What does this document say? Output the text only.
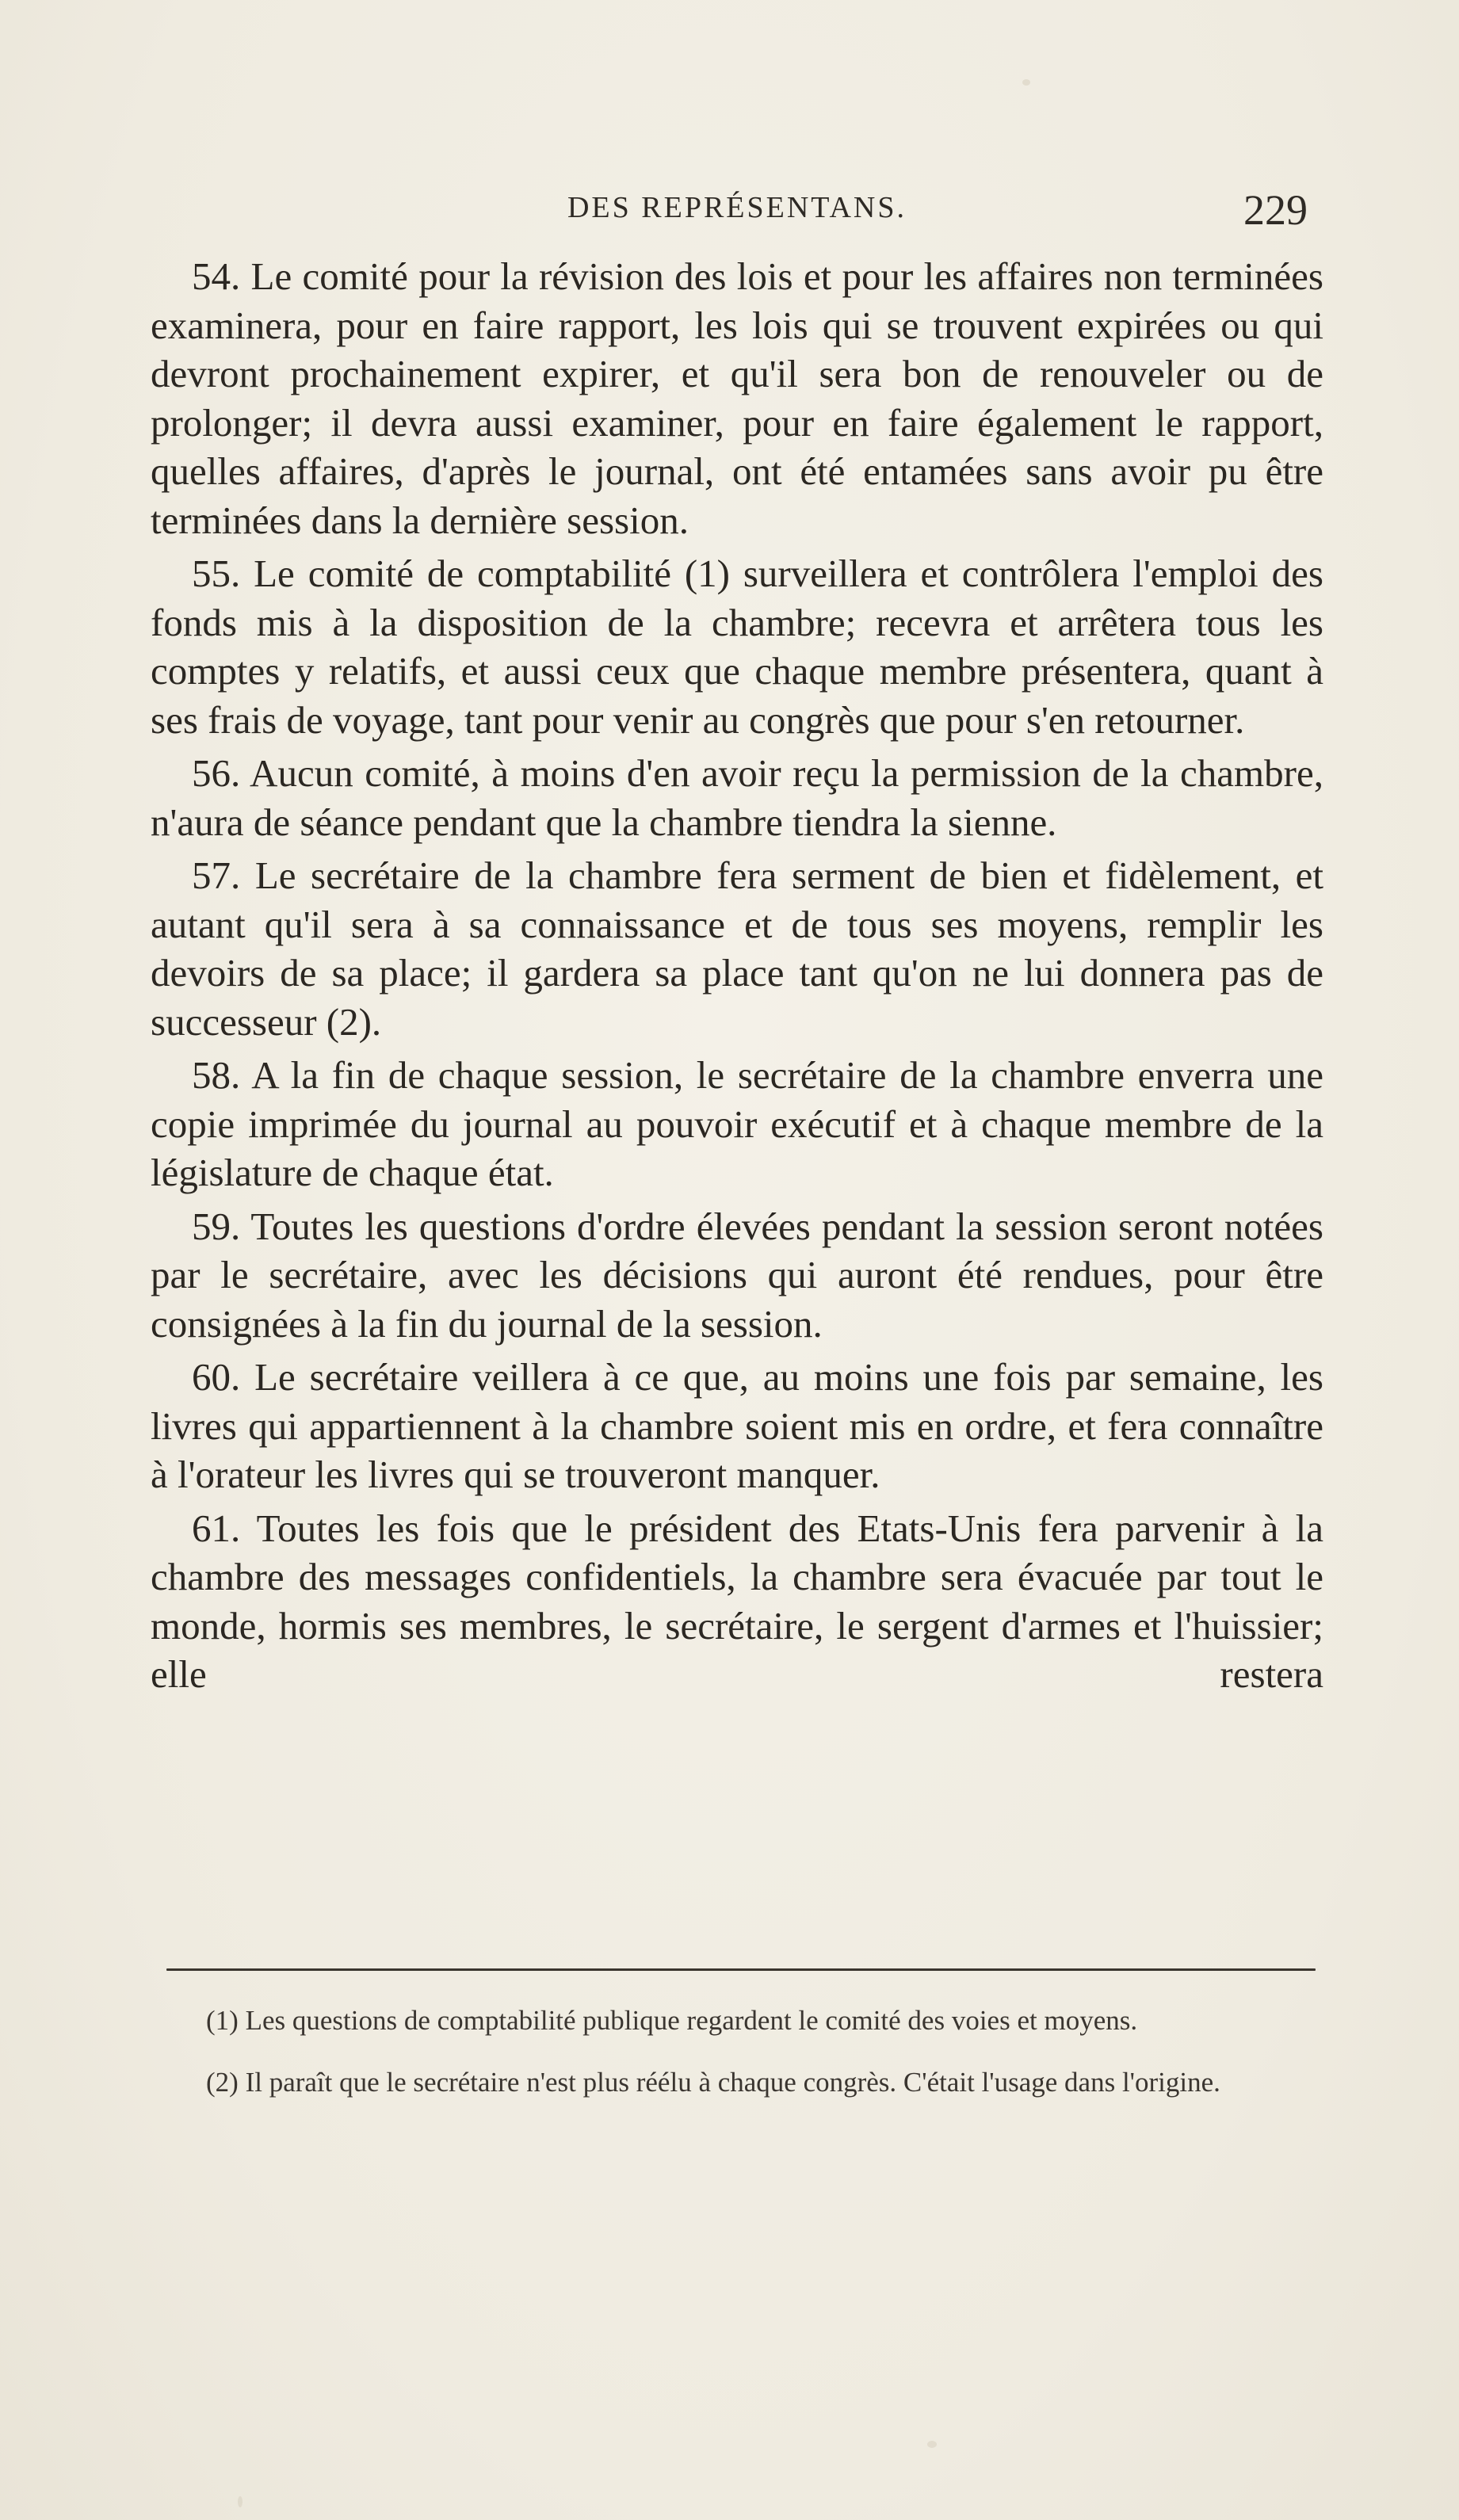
DES REPRÉSENTANS.	229

54. Le comité pour la révision des lois et pour les affaires non terminées examinera, pour en faire rapport, les lois qui se trouvent expirées ou qui devront prochainement expirer, et qu'il sera bon de renouveler ou de prolonger; il devra aussi examiner, pour en faire également le rapport, quelles affaires, d'après le journal, ont été entamées sans avoir pu être terminées dans la dernière session.

55. Le comité de comptabilité (1) surveillera et contrôlera l'emploi des fonds mis à la disposition de la chambre; recevra et arrêtera tous les comptes y relatifs, et aussi ceux que chaque membre présentera, quant à ses frais de voyage, tant pour venir au congrès que pour s'en retourner.

56. Aucun comité, à moins d'en avoir reçu la permission de la chambre, n'aura de séance pendant que la chambre tiendra la sienne.

57. Le secrétaire de la chambre fera serment de bien et fidèlement, et autant qu'il sera à sa connaissance et de tous ses moyens, remplir les devoirs de sa place; il gardera sa place tant qu'on ne lui donnera pas de successeur (2).

58. A la fin de chaque session, le secrétaire de la chambre enverra une copie imprimée du journal au pouvoir exécutif et à chaque membre de la législature de chaque état.

59. Toutes les questions d'ordre élevées pendant la session seront notées par le secrétaire, avec les décisions qui auront été rendues, pour être consignées à la fin du journal de la session.

60. Le secrétaire veillera à ce que, au moins une fois par semaine, les livres qui appartiennent à la chambre soient mis en ordre, et fera connaître à l'orateur les livres qui se trouveront manquer.

61. Toutes les fois que le président des Etats-Unis fera parvenir à la chambre des messages confidentiels, la chambre sera évacuée par tout le monde, hormis ses membres, le secrétaire, le sergent d'armes et l'huissier; elle restera

(1) Les questions de comptabilité publique regardent le comité des voies et moyens.

(2) Il paraît que le secrétaire n'est plus réélu à chaque congrès. C'était l'usage dans l'origine.
